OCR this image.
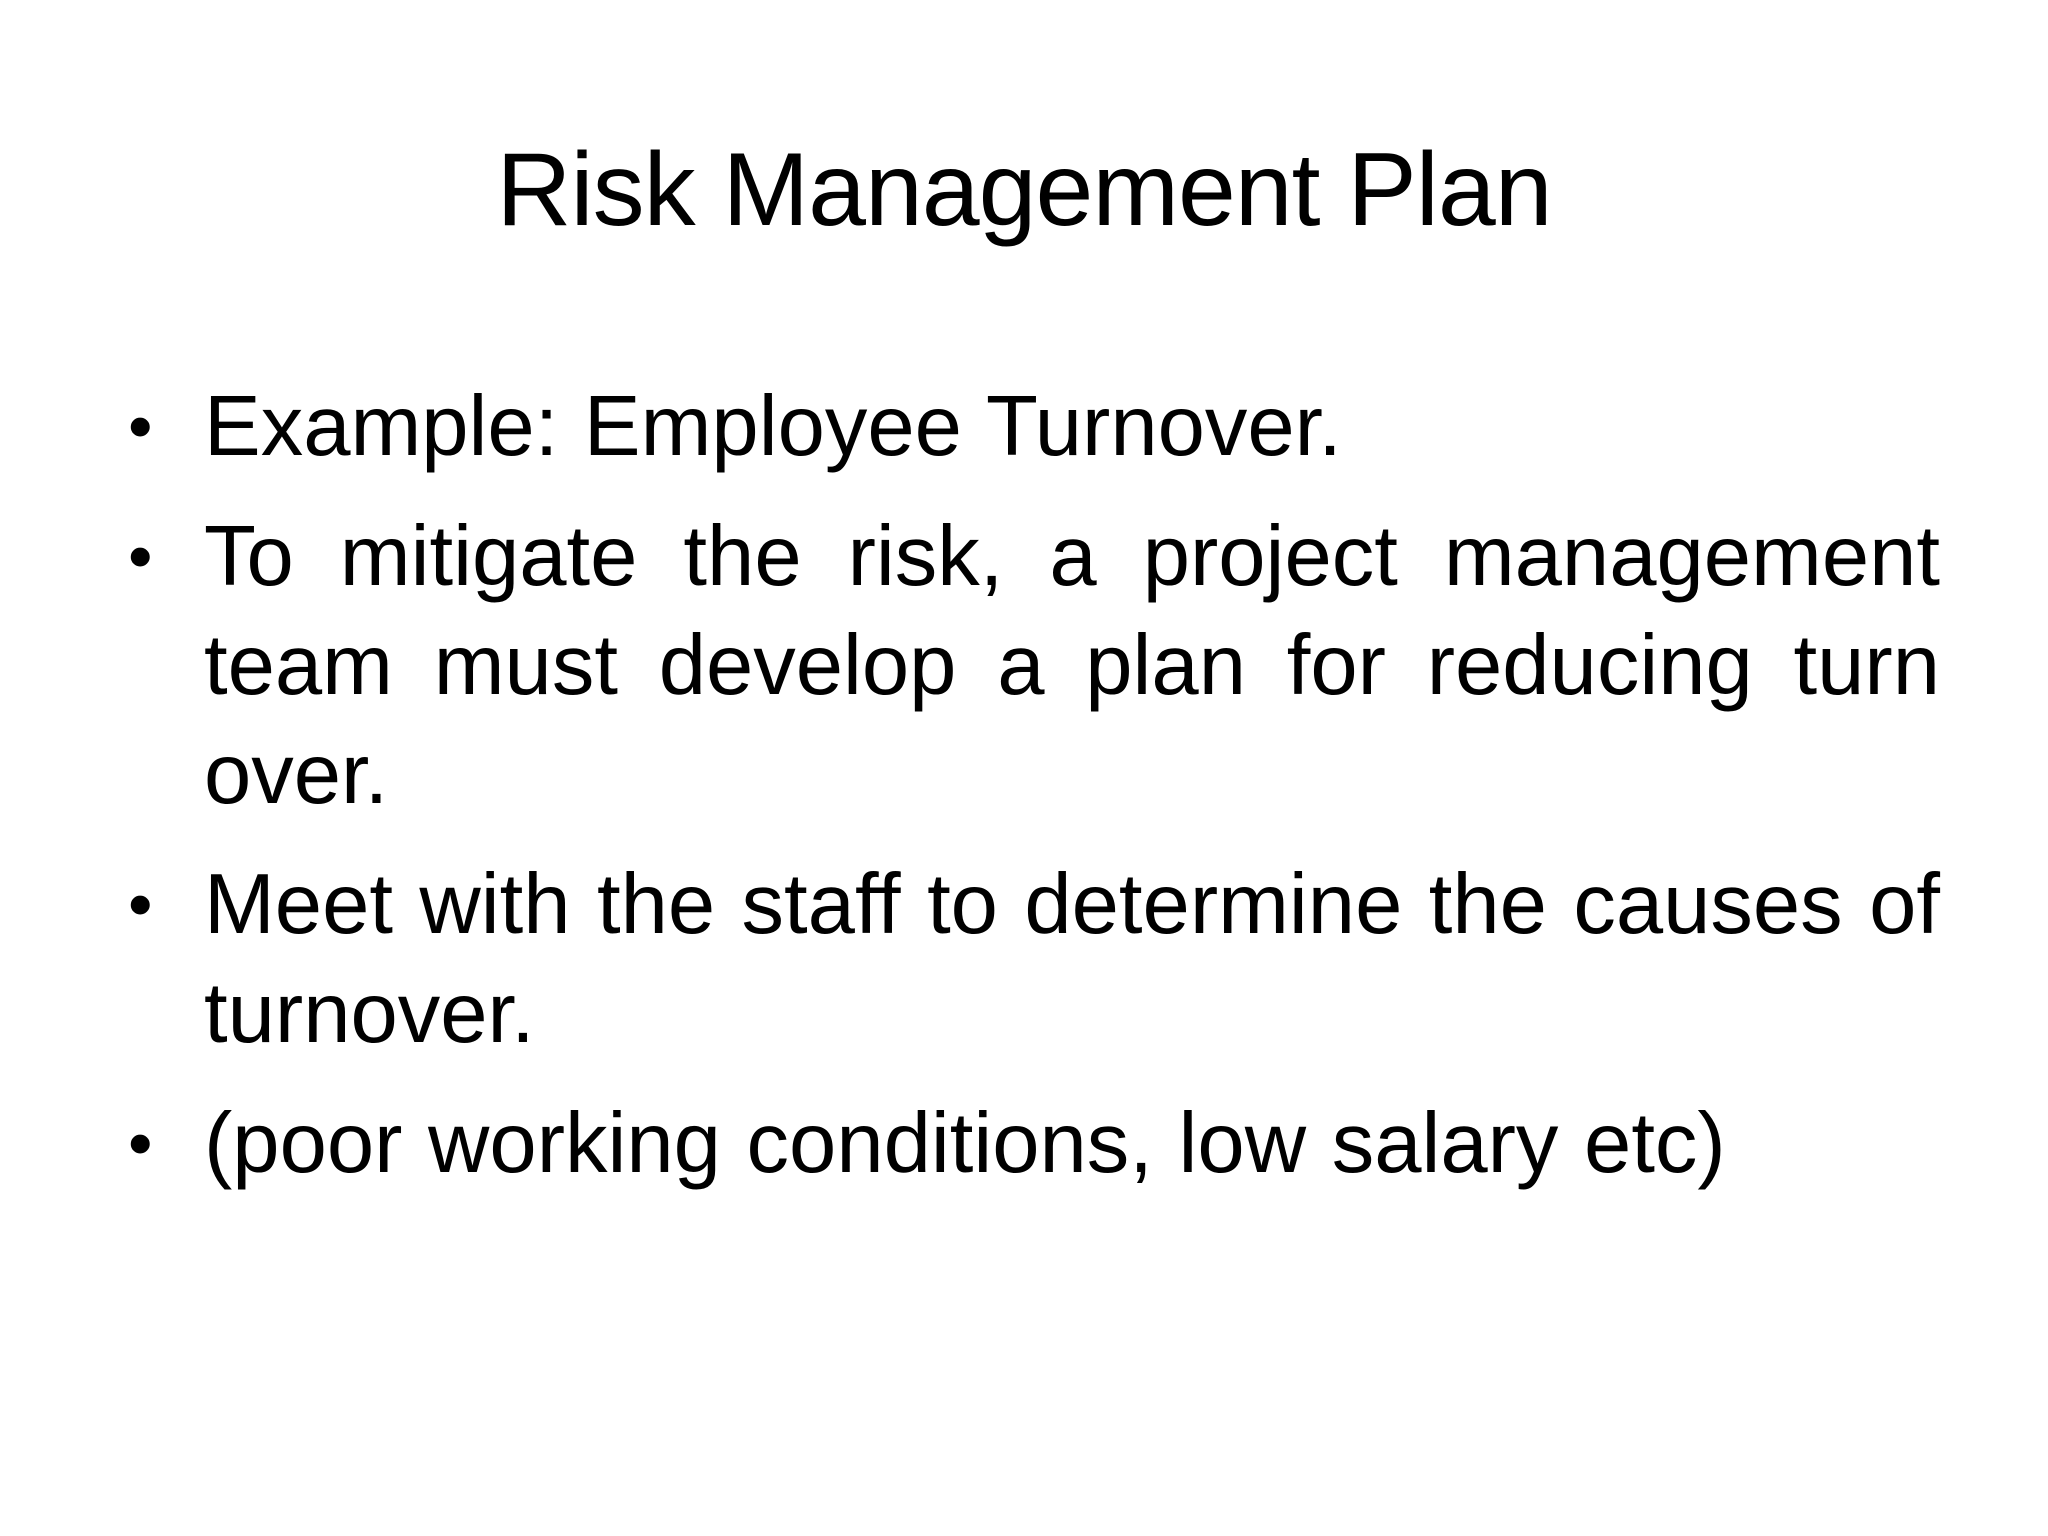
Risk Management Plan
• Example: Employee Turnover.
• To mitigate the risk, a project management team must develop a plan for reducing turn over.
• Meet with the staff to determine the causes of turnover.
• (poor working conditions, low salary etc)
